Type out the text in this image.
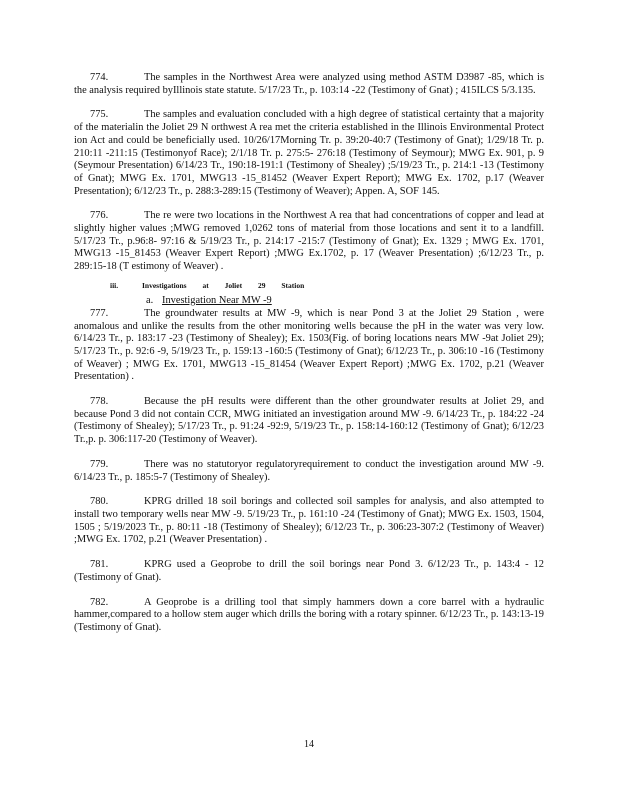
774.	The samples in the Northwest Area were analyzed using method ASTM D3987 -85, which is the analysis required byIllinois state statute. 5/17/23 Tr., p. 103:14 -22 (Testimony of Gnat) ; 415ILCS 5/3.135.

775.	The samples and evaluation concluded with a high degree of statistical certainty that a majority of the materialin the Joliet 29 N orthwest A rea met the criteria established in the Illinois Environmental Protect ion Act and could be beneficially used. 10/26/17Morning Tr. p. 39:20-40:7 (Testimony of Gnat); 1/29/18 Tr. p. 210:11 -211:15 (Testimonyof Race); 2/1/18 Tr. p. 275:5- 276:18 (Testimony of Seymour); MWG Ex. 901, p. 9 (Seymour Presentation) 6/14/23 Tr., 190:18-191:1 (Testimony of Shealey) ;5/19/23 Tr., p. 214:1 -13 (Testimony of Gnat); MWG Ex. 1701, MWG13 -15_81452 (Weaver Expert Report); MWG Ex. 1702, p.17 (Weaver Presentation); 6/12/23 Tr., p. 288:3-289:15 (Testimony of Weaver); Appen. A, SOF 145.

776.	The re were two locations in the Northwest A rea that had concentrations of copper and lead at slightly higher values ;MWG removed 1,0262 tons of material from those locations and sent it to a landfill. 5/17/23 Tr., p.96:8- 97:16 & 5/19/23 Tr., p. 214:17 -215:7 (Testimony of Gnat); Ex. 1329 ; MWG Ex. 1701, MWG13 -15_81453 (Weaver Expert Report) ;MWG Ex.1702, p. 17 (Weaver Presentation) ;6/12/23 Tr., p. 289:15-18 (T estimony of Weaver) .

iii.	Investigations at Joliet 29 Station
a. Investigation Near MW -9

777.	The groundwater results at MW -9, which is near Pond 3 at the Joliet 29 Station , were anomalous and unlike the results from the other monitoring wells because the pH in the water was very low. 6/14/23 Tr., p. 183:17 -23 (Testimony of Shealey); Ex. 1503(Fig. of boring locations nears MW -9at Joliet 29); 5/17/23 Tr., p. 92:6 -9, 5/19/23 Tr., p. 159:13 -160:5 (Testimony of Gnat); 6/12/23 Tr., p. 306:10 -16 (Testimony of Weaver) ; MWG Ex. 1701, MWG13 -15_81454 (Weaver Expert Report) ;MWG Ex. 1702, p.21 (Weaver Presentation) .

778.	Because the pH results were different than the other groundwater results at Joliet 29, and because Pond 3 did not contain CCR, MWG initiated an investigation around MW -9. 6/14/23 Tr., p. 184:22 -24 (Testimony of Shealey); 5/17/23 Tr., p. 91:24 -92:9, 5/19/23 Tr., p. 158:14-160:12 (Testimony of Gnat); 6/12/23 Tr.,p. p. 306:117-20 (Testimony of Weaver).

779.	There was no statutoryor regulatoryrequirement to conduct the investigation around MW -9. 6/14/23 Tr., p. 185:5-7 (Testimony of Shealey).

780.	KPRG drilled 18 soil borings and collected soil samples for analysis, and also attempted to install two temporary wells near MW -9. 5/19/23 Tr., p. 161:10 -24 (Testimony of Gnat); MWG Ex. 1503, 1504, 1505 ; 5/19/2023 Tr., p. 80:11 -18 (Testimony of Shealey); 6/12/23 Tr., p. 306:23-307:2 (Testimony of Weaver) ;MWG Ex. 1702, p.21 (Weaver Presentation) .

781.	KPRG used a Geoprobe to drill the soil borings near Pond 3. 6/12/23 Tr., p. 143:4 - 12 (Testimony of Gnat).

782.	A Geoprobe is a drilling tool that simply hammers down a core barrel with a hydraulic hammer,compared to a hollow stem auger which drills the boring with a rotary spinner. 6/12/23 Tr., p. 143:13-19 (Testimony of Gnat).

14
